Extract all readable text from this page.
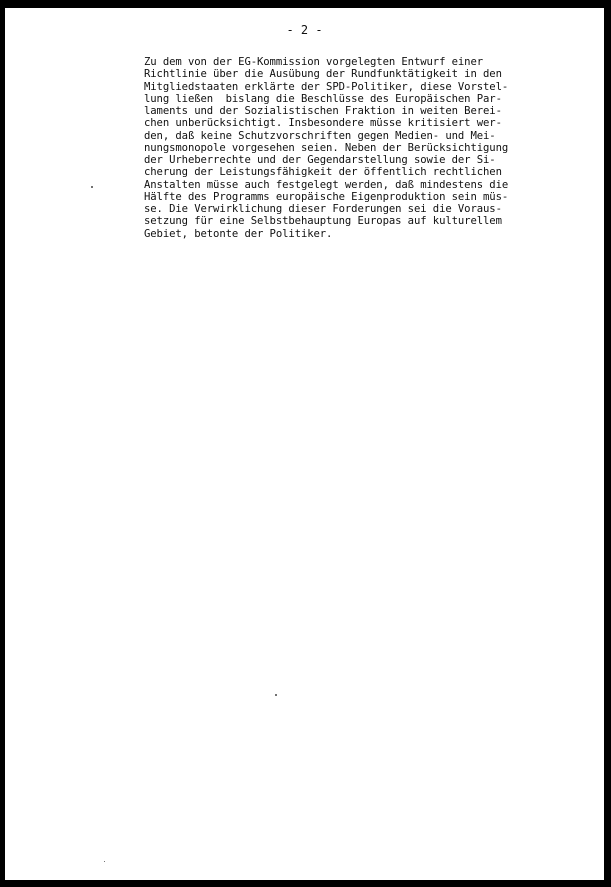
- 2 -
Zu dem von der EG-Kommission vorgelegten Entwurf einer
Richtlinie über die Ausübung der Rundfunktätigkeit in den
Mitgliedstaaten erklärte der SPD-Politiker, diese Vorstel-
lung ließen  bislang die Beschlüsse des Europäischen Par-
laments und der Sozialistischen Fraktion in weiten Berei-
chen unberücksichtigt. Insbesondere müsse kritisiert wer-
den, daß keine Schutzvorschriften gegen Medien- und Mei-
nungsmonopole vorgesehen seien. Neben der Berücksichtigung
der Urheberrechte und der Gegendarstellung sowie der Si-
cherung der Leistungsfähigkeit der öffentlich rechtlichen
Anstalten müsse auch festgelegt werden, daß mindestens die
Hälfte des Programms europäische Eigenproduktion sein müs-
se. Die Verwirklichung dieser Forderungen sei die Voraus-
setzung für eine Selbstbehauptung Europas auf kulturellem
Gebiet, betonte der Politiker.
